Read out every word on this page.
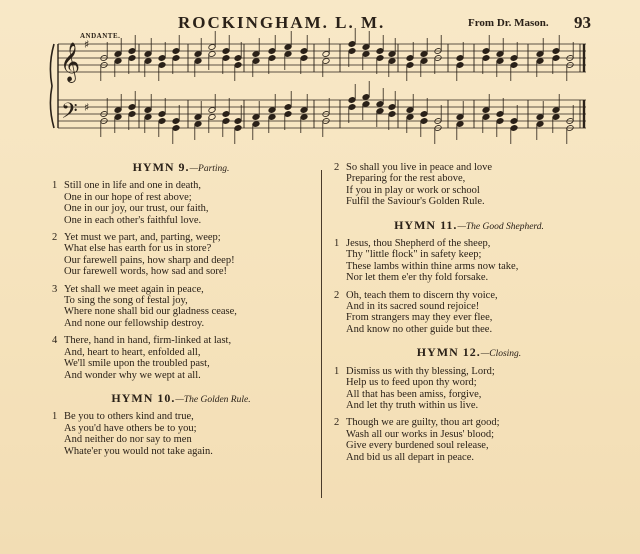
ROCKINGHAM. L. M.	From Dr. Mason. 93
ANDANTE.
𝄞
𝄢
♯
♯
HYMN 9.—Parting.
1 Still one in life and one in death,
One in our hope of rest above;
One in our joy, our trust, our faith,
One in each other's faithful love.
2 Yet must we part, and, parting, weep;
What else has earth for us in store?
Our farewell pains, how sharp and deep!
Our farewell words, how sad and sore!
3 Yet shall we meet again in peace,
To sing the song of festal joy,
Where none shall bid our gladness cease,
And none our fellowship destroy.
4 There, hand in hand, firm-linked at last,
And, heart to heart, enfolded all,
We'll smile upon the troubled past,
And wonder why we wept at all.
HYMN 10.—The Golden Rule.
1 Be you to others kind and true,
As you'd have others be to you;
And neither do nor say to men
Whate'er you would not take again.
2 So shall you live in peace and love
Preparing for the rest above,
If you in play or work or school
Fulfil the Saviour's Golden Rule.
HYMN 11.—The Good Shepherd.
1 Jesus, thou Shepherd of the sheep,
Thy "little flock" in safety keep;
These lambs within thine arms now take,
Nor let them e'er thy fold forsake.
2 Oh, teach them to discern thy voice,
And in its sacred sound rejoice!
From strangers may they ever flee,
And know no other guide but thee.
HYMN 12.—Closing.
1 Dismiss us with thy blessing, Lord;
Help us to feed upon thy word;
All that has been amiss, forgive,
And let thy truth within us live.
2 Though we are guilty, thou art good;
Wash all our works in Jesus' blood;
Give every burdened soul release,
And bid us all depart in peace.
